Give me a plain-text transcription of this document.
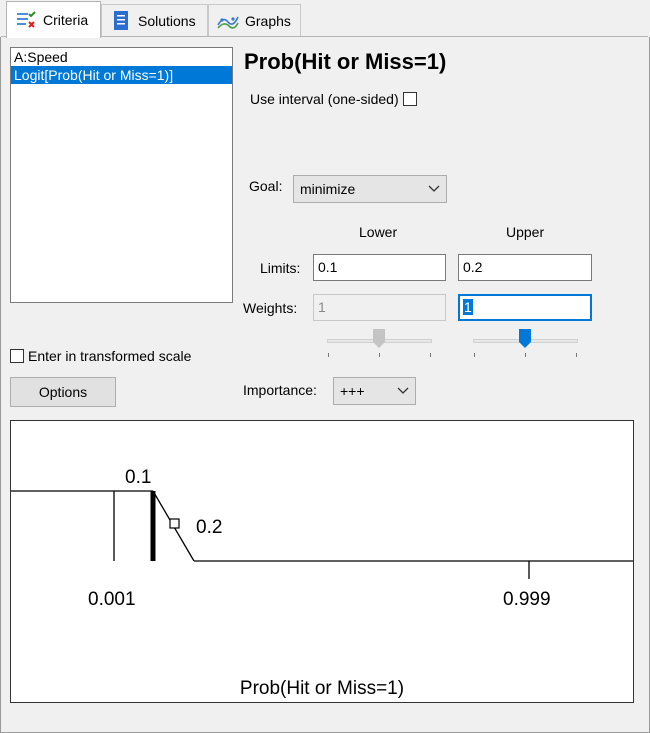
Criteria	Solutions	Graphs
A:Speed
Logit[Prob(Hit or Miss=1)]
Prob(Hit or Miss=1)
Use interval (one-sided)
Goal: minimize
Lower	Upper
Limits:	0.1	0.2
Weights:	1	1
Enter in transformed scale
Options	Importance: +++
0.1
0.2
0.001	0.999
Prob(Hit or Miss=1)
